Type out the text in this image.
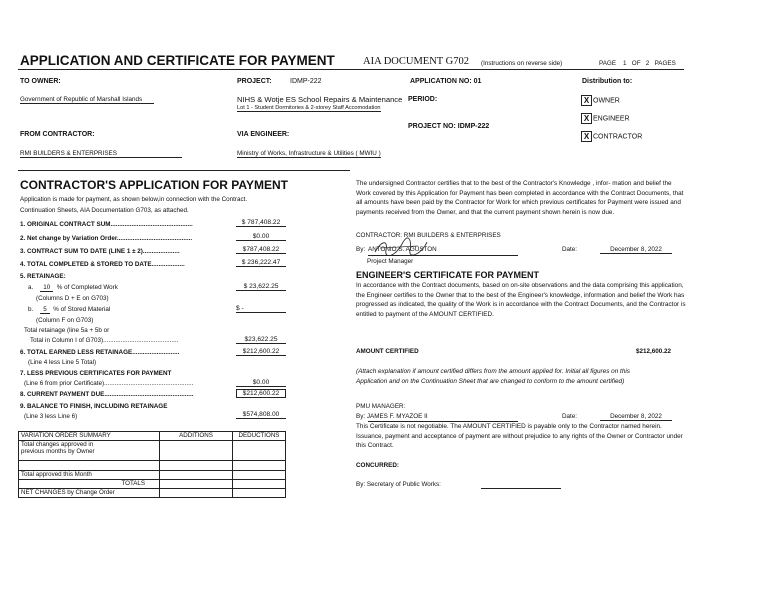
APPLICATION AND CERTIFICATE FOR PAYMENT	AIA DOCUMENT G702 (Instructions on reverse side)	PAGE 1 OF 2 PAGES
TO OWNER:
Government of Republic of Marshall Islands
PROJECT:	IDMP-222
NIHS & Wotje ES School Repairs & Maintenance
Lot 1 - Student Dormitories & 2-storey Staff Accomodation
APPLICATION NO: 01
PERIOD:
PROJECT NO: IDMP-222
Distribution to:
X OWNER
X ENGINEER
X CONTRACTOR
FROM CONTRACTOR:
RMI BUILDERS & ENTERPRISES
VIA ENGINEER:
Ministry of Works, Infrastructure & Utilities ( MWIU )
CONTRACTOR'S APPLICATION FOR PAYMENT
Application is made for payment, as shown below,in connection with the Contract.
Continuation Sheets, AIA Documentation G703, as attached.
1. ORIGINAL CONTRACT SUM...............................................	$ 787,408.22
2. Net change by Variation Order...........................................	$0.00
3. CONTRACT SUM TO DATE (LINE 1 ± 2).....................	$787,408.22
4. TOTAL COMPLETED & STORED TO DATE...................	$ 236,222.47
5. RETAINAGE:
a. 10 % of Completed Work	$ 23,622.25
(Columns D + E on G703)
b. 5 % of Stored Material	$ -
(Column F on G703)
Total retainage (line 5a + 5b or
Total in Column I of G703)...........................................	$23,622.25
6. TOTAL EARNED LESS RETAINAGE...........................	$212,600.22
(Line 4 less Line 5 Total)
7. LESS PREVIOUS CERTIFICATES FOR PAYMENT
(Line 6 from prior Certificate)...................................................	$0.00
8. CURRENT PAYMENT DUE...................................................	$212,600.22
9. BALANCE TO FINISH, INCLUDING RETAINAGE
(Line 3 less Line 6)	$574,808.00
VARIATION ORDER SUMMARY	ADDITIONS	DEDUCTIONS

Total changes approved in
previous months by Owner		

Total approved this Month		
TOTALS		
NET CHANGES by Change Order		
The undersigned Contractor certifies that to the best of the Contractor's Knowledge , infor- mation and belief the Work covered by this Application for Payment has been completed in accordance with the Contract Documents, that all amounts have been paid by the Contractor for Work for which previous certificates for Payment were issued and payments received from the Owner, and that the current payment shown herein is now due.
CONTRACTOR: RMI BUILDERS & ENTERPRISES
By: ANTONIO S. AGUSTON
Project Manager
Date:	December 8, 2022
ENGINEER'S CERTIFICATE FOR PAYMENT
In accordance with the Contract documents, based on on-site observations and the data comprising this application, the Engineer certifies to the Owner that to the best of the Engineer's knowledge, information and belief the Work has progressed as indicated, the quality of the Work is in accordance with the Contract Documents, and the Contractor is entitled to payment of the AMOUNT CERTIFIED.
AMOUNT CERTIFIED	$212,600.22
(Attach explanation if amount certified differs from the amount applied for. Initial all figures on this Application and on the Continuation Sheet that are changed to conform to the amount certified)
PMU MANAGER:
By: JAMES F. MYAZOE II	Date:	December 8, 2022
This Certificate is not negotiable. The AMOUNT CERTIFIED is payable only to the Contractor named herein. Issuance, payment and acceptance of payment are without prejudice to any rights of the Owner or Contractor under this Contract.
CONCURRED:
By: Secretary of Public Works:
